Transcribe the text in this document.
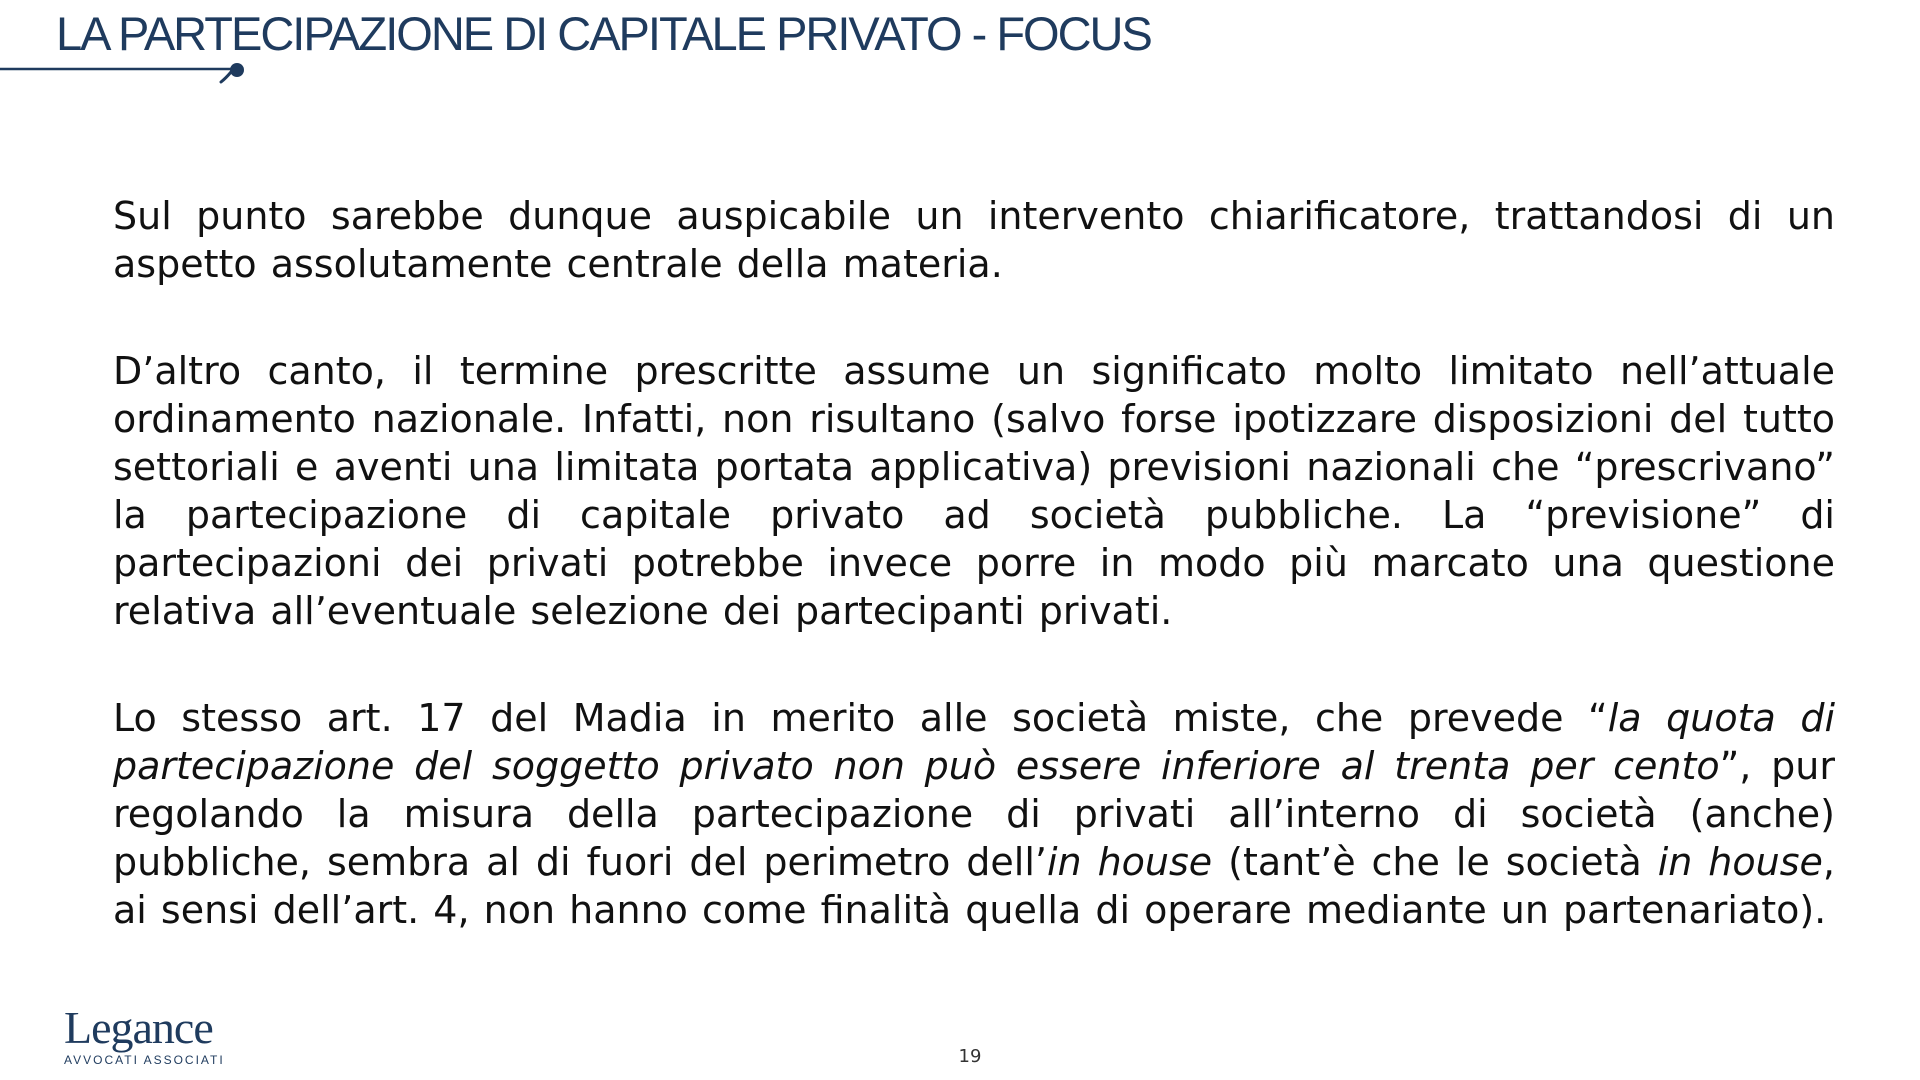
LA PARTECIPAZIONE DI CAPITALE PRIVATO - FOCUS

Sul punto sarebbe dunque auspicabile un intervento chiarificatore, trattandosi di un aspetto assolutamente centrale della materia.

D’altro canto, il termine prescritte assume un significato molto limitato nell’attuale ordinamento nazionale. Infatti, non risultano (salvo forse ipotizzare disposizioni del tutto settoriali e aventi una limitata portata applicativa) previsioni nazionali che “prescrivano” la partecipazione di capitale privato ad società pubbliche. La “previsione” di partecipazioni dei privati potrebbe invece porre in modo più marcato una questione relativa all’eventuale selezione dei partecipanti privati.

Lo stesso art. 17 del Madia in merito alle società miste, che prevede “la quota di partecipazione del soggetto privato non può essere inferiore al trenta per cento”, pur regolando la misura della partecipazione di privati all’interno di società (anche) pubbliche, sembra al di fuori del perimetro dell’in house (tant’è che le società in house, ai sensi dell’art. 4, non hanno come finalità quella di operare mediante un partenariato).

Legance
AVVOCATI ASSOCIATI	19
